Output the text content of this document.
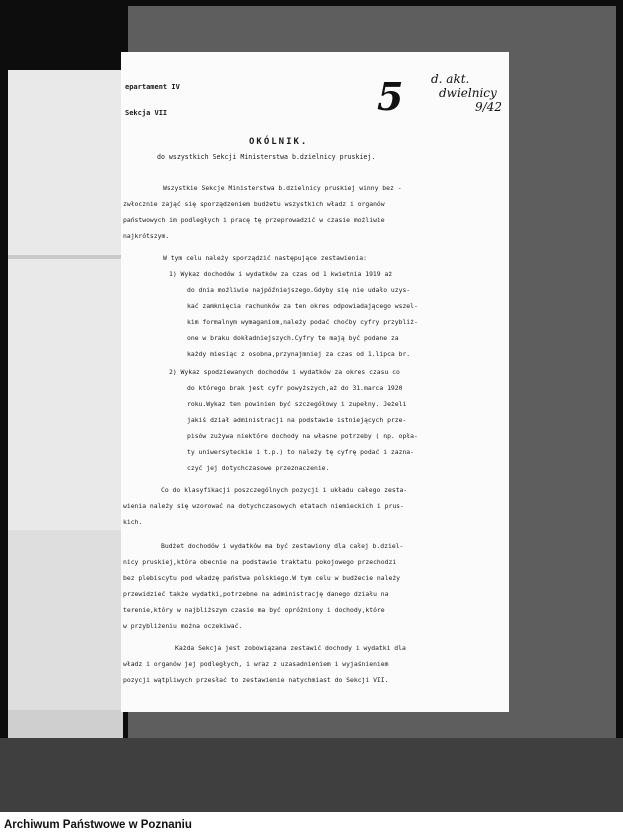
epartament IV
Sekcja VII	5 d. akt.
dwielnicy
9/42
OKÓLNIK.
do wszystkich Sekcji Ministerstwa b.dzielnicy pruskiej.
Wszystkie Sekcje Ministerstwa b.dzielnicy pruskiej winny bez -
zwłocznie zająć się sporządzeniem budżetu wszystkich władz i organów
państwowych im podległych i pracę tę przeprowadzić w czasie możliwie
najkrótszym.
W tym celu należy sporządzić następujące zestawienia:
1) Wykaz dochodów i wydatków za czas od 1 kwietnia 1919 aż
do dnia możliwie najpóźniejszego.Gdyby się nie udało uzys-
kać zamknięcia rachunków za ten okres odpowiadającego wszel-
kim formalnym wymaganiom,należy podać choćby cyfry przybliż-
one w braku dokładniejszych.Cyfry te mają być podane za
każdy miesiąc z osobna,przynajmniej za czas od 1.lipca br.
2) Wykaz spodziewanych dochodów i wydatków za okres czasu co
do którego brak jest cyfr powyższych,aż do 31.marca 1920
roku.Wykaz ten powinien być szczegółowy i zupełny. Jeżeli
jakiś dział administracji na podstawie istniejących prze-
pisów zużywa niektóre dochody na własne potrzeby ( np. opła-
ty uniwersyteckie i t.p.) to należy tę cyfrę podać i zazna-
czyć jej dotychczasowe przeznaczenie.
Co do klasyfikacji poszczególnych pozycji i układu całego zesta-
wienia należy się wzorować na dotychczasowych etatach niemieckich i prus-
kich.
Budżet dochodów i wydatków ma być zestawiony dla całej b.dziel-
nicy pruskiej,która obecnie na podstawie traktatu pokojowego przechodzi
bez plebiscytu pod władzę państwa polskiego.W tym celu w budżecie należy
przewidzieć także wydatki,potrzebne na administrację danego działu na
terenie,który w najbliższym czasie ma być opróżniony i dochody,które
w przybliżeniu można oczekiwać.
Każda Sekcja jest zobowiązana zestawić dochody i wydatki dla
władz i organów jej podległych, i wraz z uzasadnieniem i wyjaśnieniem
pozycji wątpliwych przesłać to zestawienie natychmiast do Sekcji VII.
Archiwum Państwowe w Poznaniu
